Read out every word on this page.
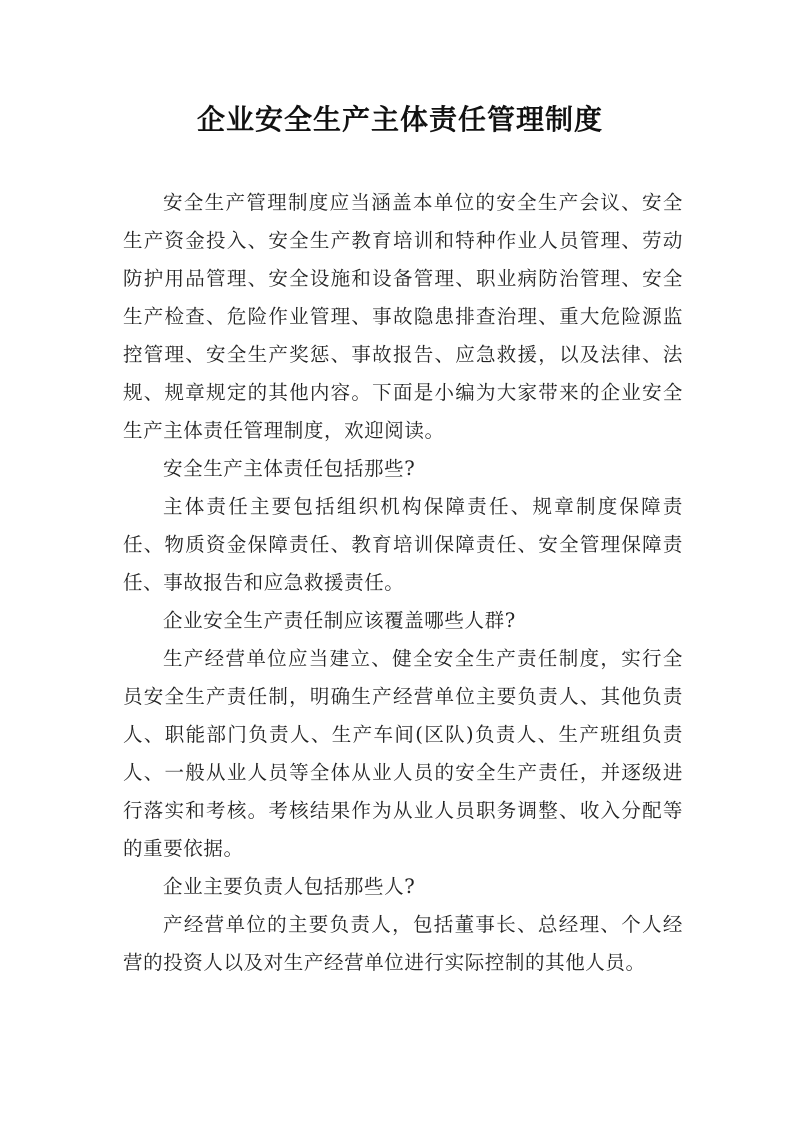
企业安全生产主体责任管理制度

安全生产管理制度应当涵盖本单位的安全生产会议、安全生产资金投入、安全生产教育培训和特种作业人员管理、劳动防护用品管理、安全设施和设备管理、职业病防治管理、安全生产检查、危险作业管理、事故隐患排查治理、重大危险源监控管理、安全生产奖惩、事故报告、应急救援，以及法律、法规、规章规定的其他内容。下面是小编为大家带来的企业安全生产主体责任管理制度，欢迎阅读。

安全生产主体责任包括那些?

主体责任主要包括组织机构保障责任、规章制度保障责任、物质资金保障责任、教育培训保障责任、安全管理保障责任、事故报告和应急救援责任。

企业安全生产责任制应该覆盖哪些人群?

生产经营单位应当建立、健全安全生产责任制度，实行全员安全生产责任制，明确生产经营单位主要负责人、其他负责人、职能部门负责人、生产车间(区队)负责人、生产班组负责人、一般从业人员等全体从业人员的安全生产责任，并逐级进行落实和考核。考核结果作为从业人员职务调整、收入分配等的重要依据。

企业主要负责人包括那些人?

产经营单位的主要负责人，包括董事长、总经理、个人经营的投资人以及对生产经营单位进行实际控制的其他人员。
